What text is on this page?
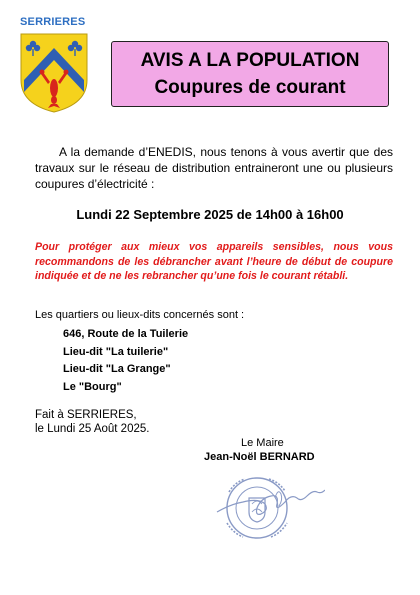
SERRIERES
AVIS A LA POPULATION
Coupures de courant
A la demande d’ENEDIS, nous tenons à vous avertir que des travaux sur le réseau de distribution entraineront une ou plusieurs coupures d’électricité :
Lundi 22 Septembre 2025 de 14h00 à 16h00
Pour protéger aux mieux vos appareils sensibles, nous vous recommandons de les débrancher avant l’heure de début de coupure indiquée et de ne les rebrancher qu’une fois le courant rétabli.
Les quartiers ou lieux-dits concernés sont :
646, Route de la Tuilerie
Lieu-dit "La tuilerie"
Lieu-dit "La Grange"
Le "Bourg"
Fait à SERRIERES,
le Lundi 25 Août 2025.
Le Maire
Jean-Noël BERNARD
